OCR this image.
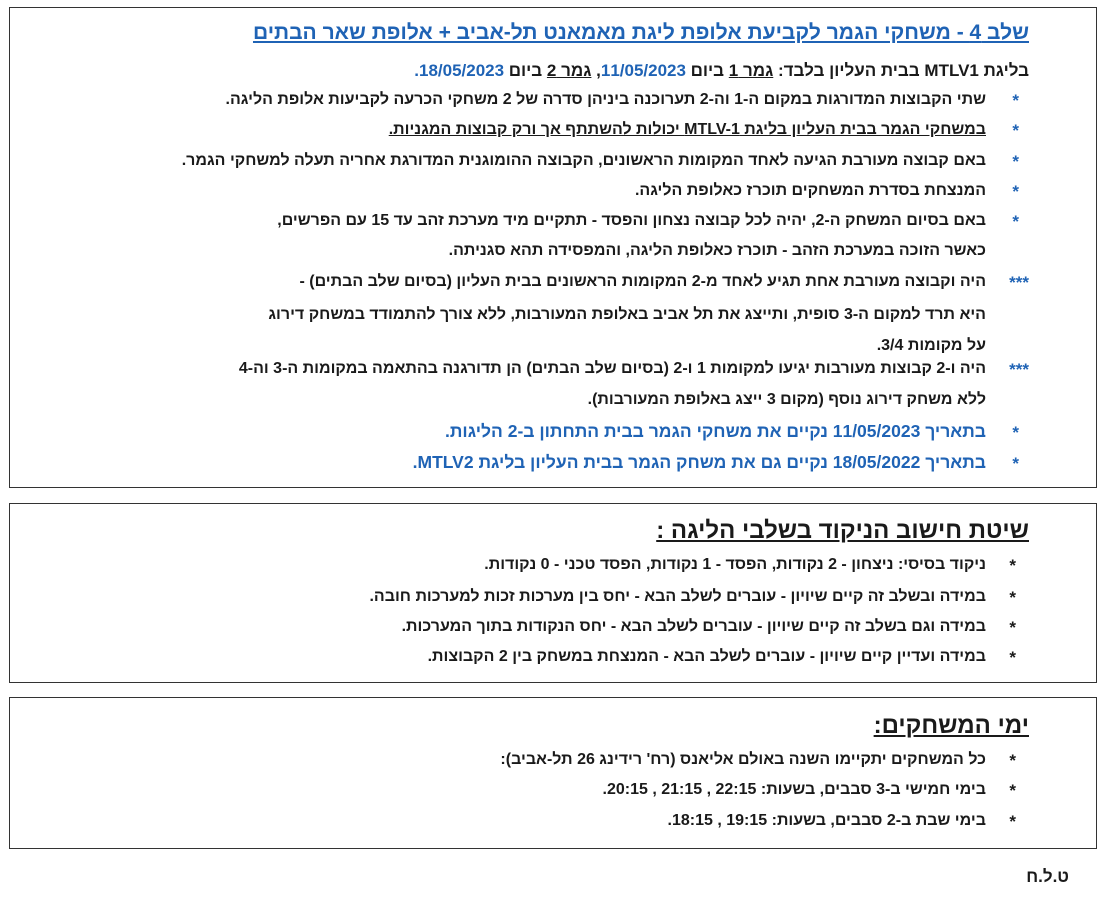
שלב 4 - משחקי הגמר לקביעת אלופת ליגת מאמאנט תל-אביב + אלופת שאר הבתים
בליגת MTLV1 בבית העליון בלבד: גמר 1 ביום 11/05/2023, גמר 2 ביום 18/05/2023.
*
שתי הקבוצות המדורגות במקום ה-1 וה-2 תערוכנה ביניהן סדרה של 2 משחקי הכרעה לקביעות אלופת הליגה.
*
במשחקי הגמר בבית העליון בליגת MTLV-1 יכולות להשתתף אך ורק קבוצות המגניות.
*
באם קבוצה מעורבת הגיעה לאחד המקומות הראשונים, הקבוצה ההומוגנית המדורגת אחריה תעלה למשחקי הגמר.
*
המנצחת בסדרת המשחקים תוכרז כאלופת הליגה.
*
באם בסיום המשחק ה-2, יהיה לכל קבוצה נצחון והפסד - תתקיים מיד מערכת זהב עד 15 עם הפרשים,
כאשר הזוכה במערכת הזהב - תוכרז כאלופת הליגה, והמפסידה תהא סגניתה.
***
היה וקבוצה מעורבת אחת תגיע לאחד מ-2 המקומות הראשונים בבית העליון (בסיום שלב הבתים) -
היא תרד למקום ה-3 סופית, ותייצג את תל אביב באלופת המעורבות, ללא צורך להתמודד במשחק דירוג
על מקומות 3/4.
***
היה ו-2 קבוצות מעורבות יגיעו למקומות 1 ו-2 (בסיום שלב הבתים) הן תדורגנה בהתאמה במקומות ה-3 וה-4
ללא משחק דירוג נוסף (מקום 3 ייצג באלופת המעורבות).
*
בתאריך 11/05/2023 נקיים את משחקי הגמר בבית התחתון ב-2 הליגות.
*
בתאריך 18/05/2022 נקיים גם את משחק הגמר בבית העליון בליגת MTLV2.
שיטת חישוב הניקוד בשלבי הליגה :
*
ניקוד בסיסי: ניצחון - 2 נקודות, הפסד - 1 נקודות, הפסד טכני - 0 נקודות.
*
במידה ובשלב זה קיים שיויון - עוברים לשלב הבא - יחס בין מערכות זכות למערכות חובה.
*
במידה וגם בשלב זה קיים שיויון - עוברים לשלב הבא - יחס הנקודות בתוך המערכות.
*
במידה ועדיין קיים שיויון - עוברים לשלב הבא - המנצחת במשחק בין 2 הקבוצות.
ימי המשחקים:
*
כל המשחקים יתקיימו השנה באולם אליאנס (רח' רידינג 26 תל-אביב):
*
בימי חמישי ב-3 סבבים, בשעות: 22:15 , 21:15 , 20:15.
*
בימי שבת ב-2 סבבים, בשעות: 19:15 , 18:15.
ט.ל.ח
